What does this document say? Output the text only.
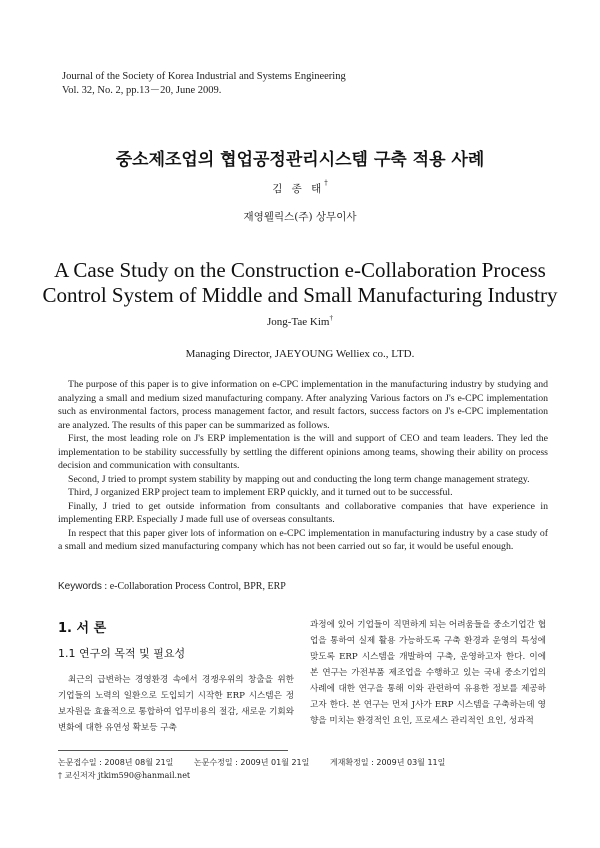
Journal of the Society of Korea Industrial and Systems Engineering
Vol. 32, No. 2, pp.13－20, June 2009.
중소제조업의 협업공정관리시스템 구축 적용 사례
김 종 태†
재영웰릭스(주) 상무이사
A Case Study on the Construction e-Collaboration Process
Control System of Middle and Small Manufacturing Industry
Jong-Tae Kim†
Managing Director, JAEYOUNG Welliex co., LTD.

The purpose of this paper is to give information on e-CPC implementation in the manufacturing industry by studying and analyzing a small and medium sized manufacturing company. After analyzing Various factors on J's e-CPC implementation such as environmental factors, process management factor, and result factors, success factors on J's e-CPC implementation are analyzed. The results of this paper can be summarized as follows.

First, the most leading role on J's ERP implementation is the will and support of CEO and team leaders. They led the implementation to be stability successfully by settling the different opinions among teams, showing their ability on process decision and communication with consultants.

Second, J tried to prompt system stability by mapping out and conducting the long term change management strategy.

Third, J organized ERP project team to implement ERP quickly, and it turned out to be successful.

Finally, J tried to get outside information from consultants and collaborative companies that have experience in implementing ERP. Especially J made full use of overseas consultants.

In respect that this paper giver lots of information on e-CPC implementation in manufacturing industry by a case study of a small and medium sized manufacturing company which has not been carried out so far, it would be useful enough.

Keywords : e-Collaboration Process Control, BPR, ERP
1. 서 론
1.1 연구의 목적 및 필요성

최근의 급변하는 경영환경 속에서 경쟁우위의 창출을 위한 기업들의 노력의 일환으로 도입되기 시작한 ERP 시스템은 정보자원을 효율적으로 통합하여 업무비용의 절감, 새로운 기회와 변화에 대한 유연성 확보등 구축

과정에 있어 기업들이 직면하게 되는 어려움들을 중소기업간 협업을 통하여 실제 활용 가능하도록 구축 환경과 운영의 특성에 맞도록 ERP 시스템을 개발하여 구축, 운영하고자 한다. 이에 본 연구는 가전부품 제조업을 수행하고 있는 국내 중소기업의 사례에 대한 연구을 통해 이와 관련하여 유용한 정보를 제공하고자 한다. 본 연구는 먼저 J사가 ERP 시스템을 구축하는데 영향을 미치는 환경적인 요인, 프로세스 관리적인 요인, 성과적

논문접수일 : 2008년 08월 21일	논문수정일 : 2009년 01월 21일	게재확정일 : 2009년 03월 11일
† 교신저자 jtkim590@hanmail.net
